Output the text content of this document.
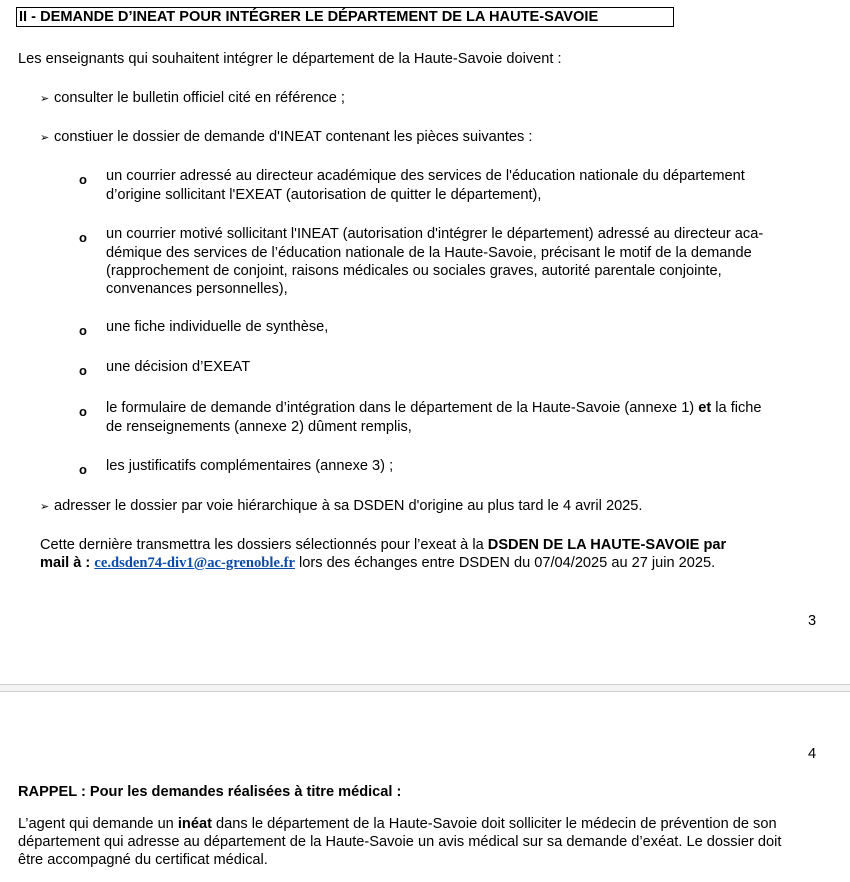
II - DEMANDE D’INEAT POUR INTÉGRER LE DÉPARTEMENT DE LA HAUTE-SAVOIE
Les enseignants qui souhaitent intégrer le département de la Haute-Savoie doivent :
➢ consulter le bulletin officiel cité en référence ;
➢ constiuer le dossier de demande d'INEAT contenant les pièces suivantes :
o un courrier adressé au directeur académique des services de l'éducation nationale du département
d’origine sollicitant l'EXEAT (autorisation de quitter le département),
o un courrier motivé sollicitant l'INEAT (autorisation d'intégrer le département) adressé au directeur aca-
démique des services de l’éducation nationale de la Haute-Savoie, précisant le motif de la demande
(rapprochement de conjoint, raisons médicales ou sociales graves, autorité parentale conjointe,
convenances personnelles),
o une fiche individuelle de synthèse,
o une décision d’EXEAT
o le formulaire de demande d’intégration dans le département de la Haute-Savoie (annexe 1) et la fiche
de renseignements (annexe 2) dûment remplis,
o les justificatifs complémentaires (annexe 3) ;
➢ adresser le dossier par voie hiérarchique à sa DSDEN d'origine au plus tard le 4 avril 2025.
Cette dernière transmettra les dossiers sélectionnés pour l’exeat à la DSDEN DE LA HAUTE-SAVOIE par
mail à : ce.dsden74-div1@ac-grenoble.fr lors des échanges entre DSDEN du 07/04/2025 au 27 juin 2025.
3
4
RAPPEL : Pour les demandes réalisées à titre médical :
L’agent qui demande un inéat dans le département de la Haute-Savoie doit solliciter le médecin de prévention de son
département qui adresse au département de la Haute-Savoie un avis médical sur sa demande d’exéat. Le dossier doit
être accompagné du certificat médical.
